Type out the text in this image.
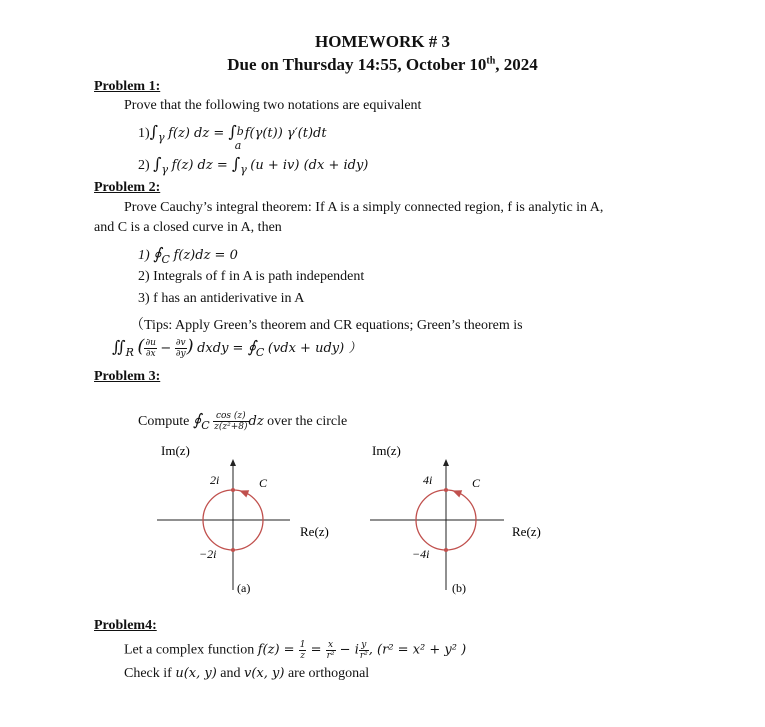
HOMEWORK # 3
Due on Thursday 14:55, October 10th, 2024
Problem 1:
Prove that the following two notations are equivalent
$1)\int_\gamma$ f(z) dz = ∫ b
a
f(γ(t)) γ′(t)dt
2) $\int_\gamma$ f(z) dz = $\int_\gamma$ (u + iv) (dx + idy)
Problem 2:
Prove Cauchy’s integral theorem: If A is a simply connected region, f is analytic in A,
and C is a closed curve in A, then
1) $∮_C$ f(z)dz = 0
2) Integrals of f in A is path independent
3) f has an antiderivative in A
（Tips: Apply Green’s theorem and CR equations; Green’s theorem is
$∬_R$ ( $\frac{\partial u}{\partial x} - \frac{\partial v}{\partial y}$ ) dxdy = $∮_C$ (vdx + udy) ）
Problem 3:
Compute $∮_C \frac{\cos (z)}{\text{z(z²+8)}}$ dz over the circle
Im(z)
2i	C
Re(z)
−2i
(a)
Im(z)
4i	C
Re(z)
−4i
(b)
Problem4:
Let a complex function $f(z) = \frac{1}{z} = \frac{x}{\text{r²}} - i \frac{y}{\text{r²}}$ , (r² = x² + y² )
Check if u(x, y) and v(x, y) are orthogonal
